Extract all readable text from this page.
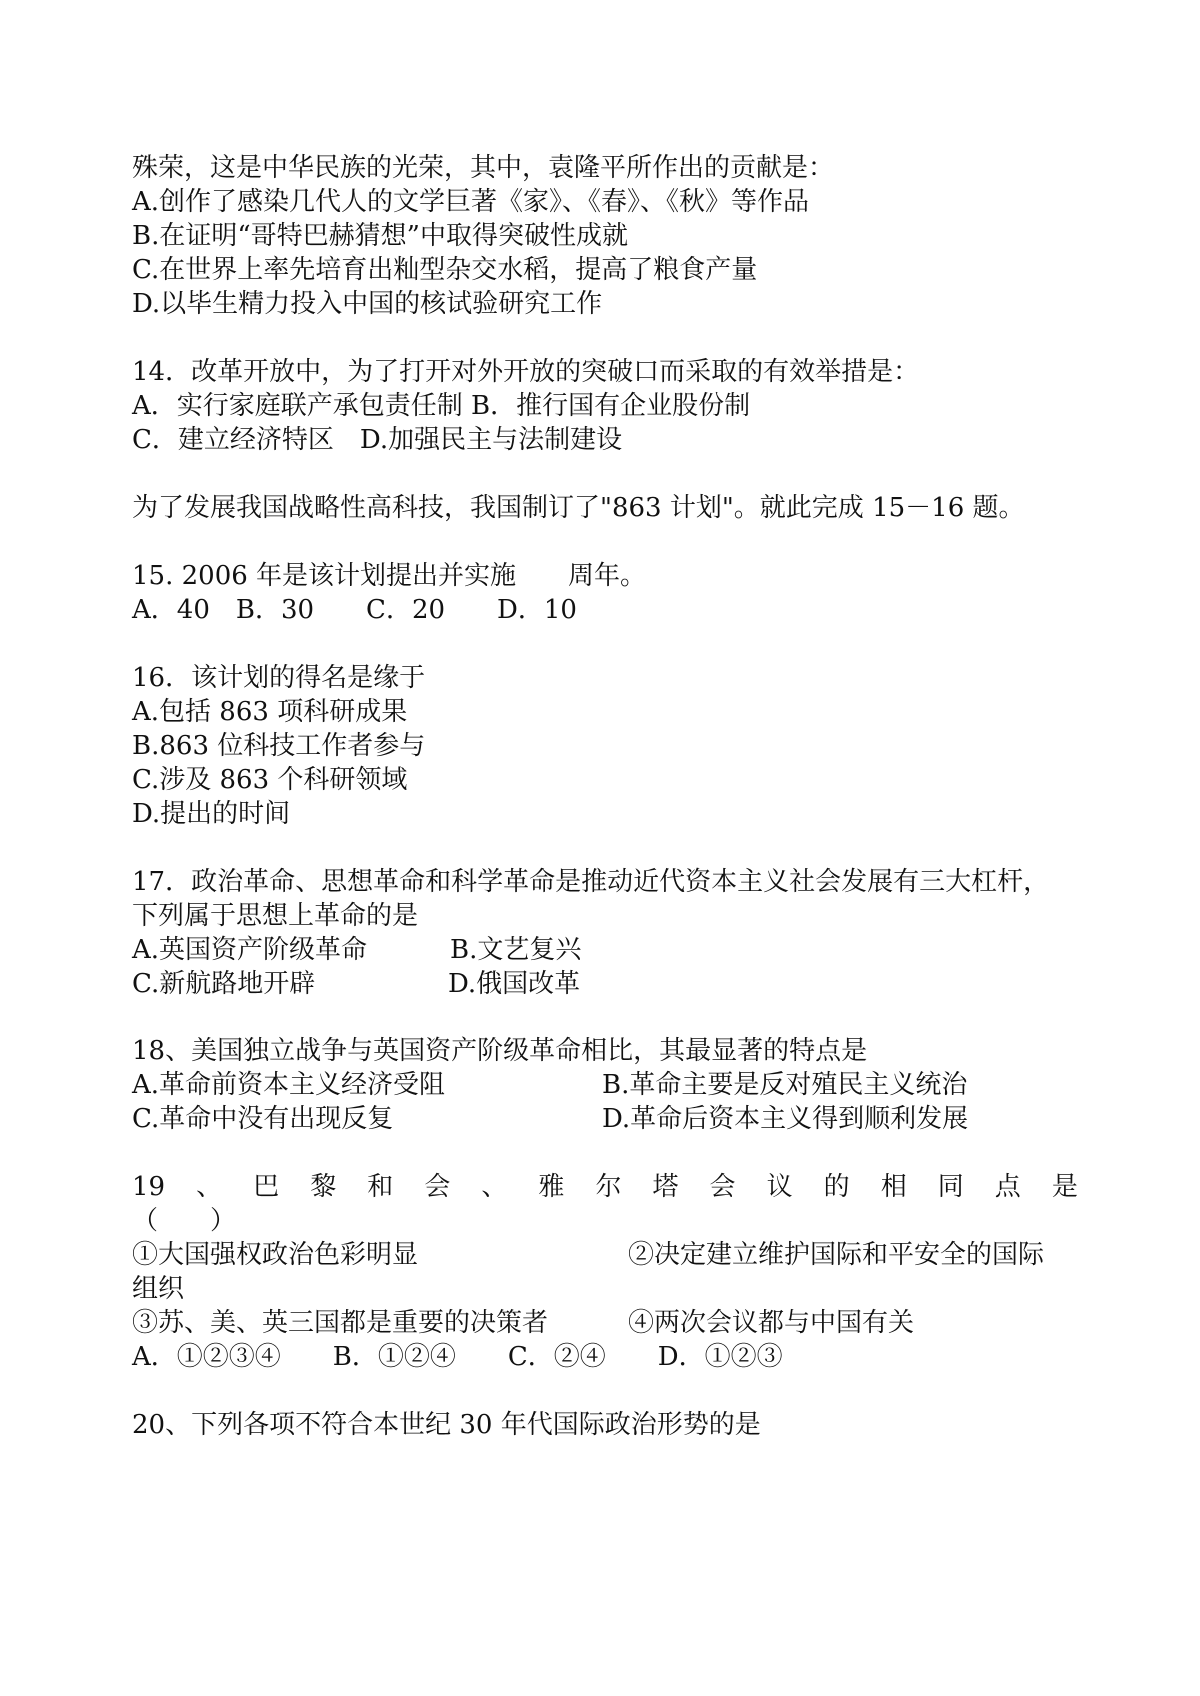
殊荣，这是中华民族的光荣，其中，袁隆平所作出的贡献是：

A.创作了感染几代人的文学巨著《家》、《春》、《秋》等作品

B.在证明“哥特巴赫猜想”中取得突破性成就

C.在世界上率先培育出籼型杂交水稻，提高了粮食产量

D.以毕生精力投入中国的核试验研究工作

14．改革开放中，为了打开对外开放的突破口而采取的有效举措是：

A．实行家庭联产承包责任制 B．推行国有企业股份制

C．建立经济特区　D.加强民主与法制建设

为了发展我国战略性高科技，我国制订了"863 计划"。就此完成 15－16 题。

15. 2006 年是该计划提出并实施　　周年。

A．40　B．30　　C．20　　D．10

16．该计划的得名是缘于

A.包括 863 项科研成果

B.863 位科技工作者参与

C.涉及 863 个科研领域

D.提出的时间

17．政治革命、思想革命和科学革命是推动近代资本主义社会发展有三大杠杆，

下列属于思想上革命的是

A.英国资产阶级革命	B.文艺复兴

C.新航路地开辟	D.俄国改革

18、美国独立战争与英国资产阶级革命相比，其最显著的特点是

A.革命前资本主义经济受阻	B.革命主要是反对殖民主义统治

C.革命中没有出现反复	D.革命后资本主义得到顺利发展

19 、 巴 黎 和 会 、 雅 尔 塔 会 议 的 相 同 点 是

（　　）

①大国强权政治色彩明显	②决定建立维护国际和平安全的国际

组织

③苏、美、英三国都是重要的决策者	④两次会议都与中国有关

A．①②③④　　B．①②④　　C．②④　　D．①②③

20、下列各项不符合本世纪 30 年代国际政治形势的是
